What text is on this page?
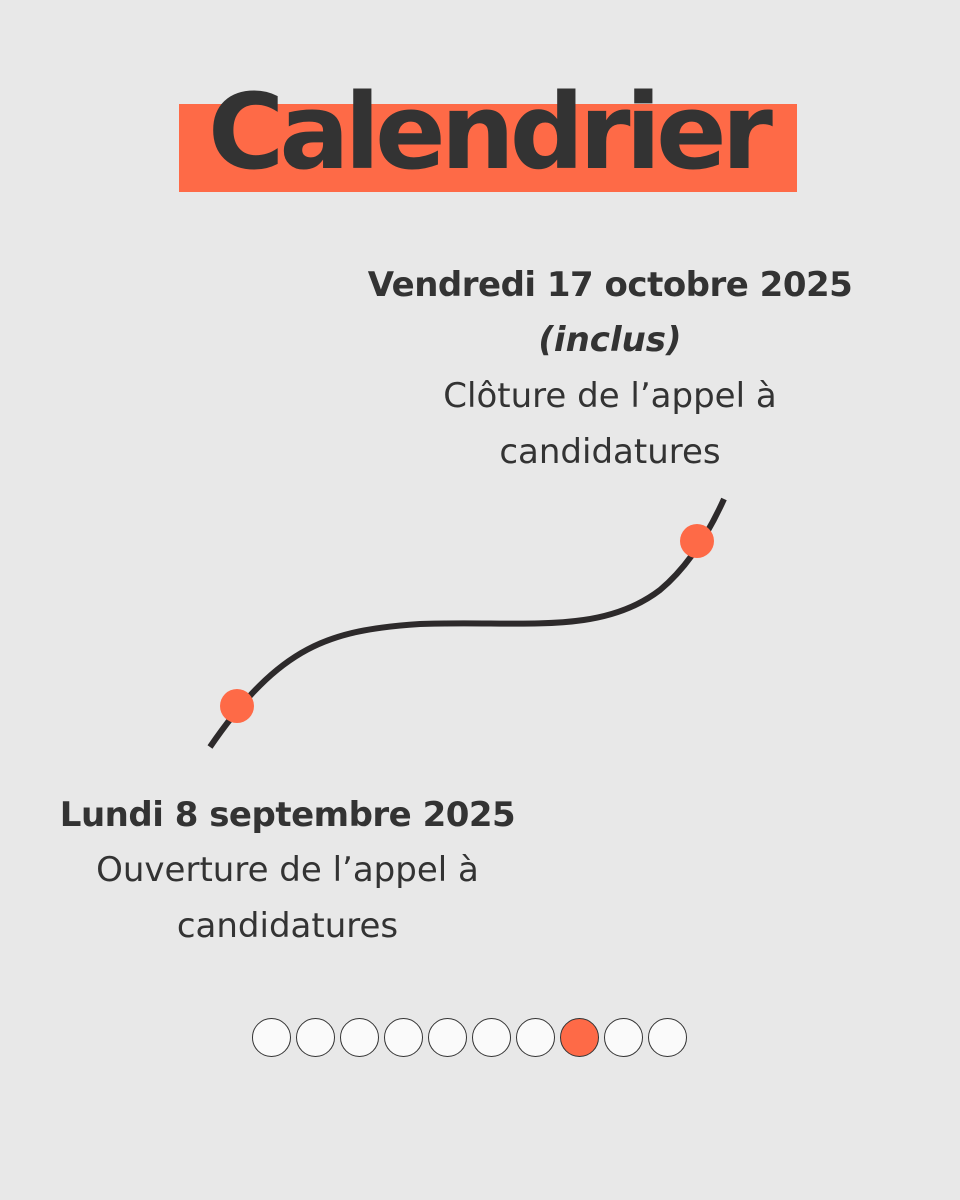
Calendrier
Vendredi 17 octobre 2025
(inclus)
Clôture de l’appel à
candidatures
Lundi 8 septembre 2025
Ouverture de l’appel à
candidatures
